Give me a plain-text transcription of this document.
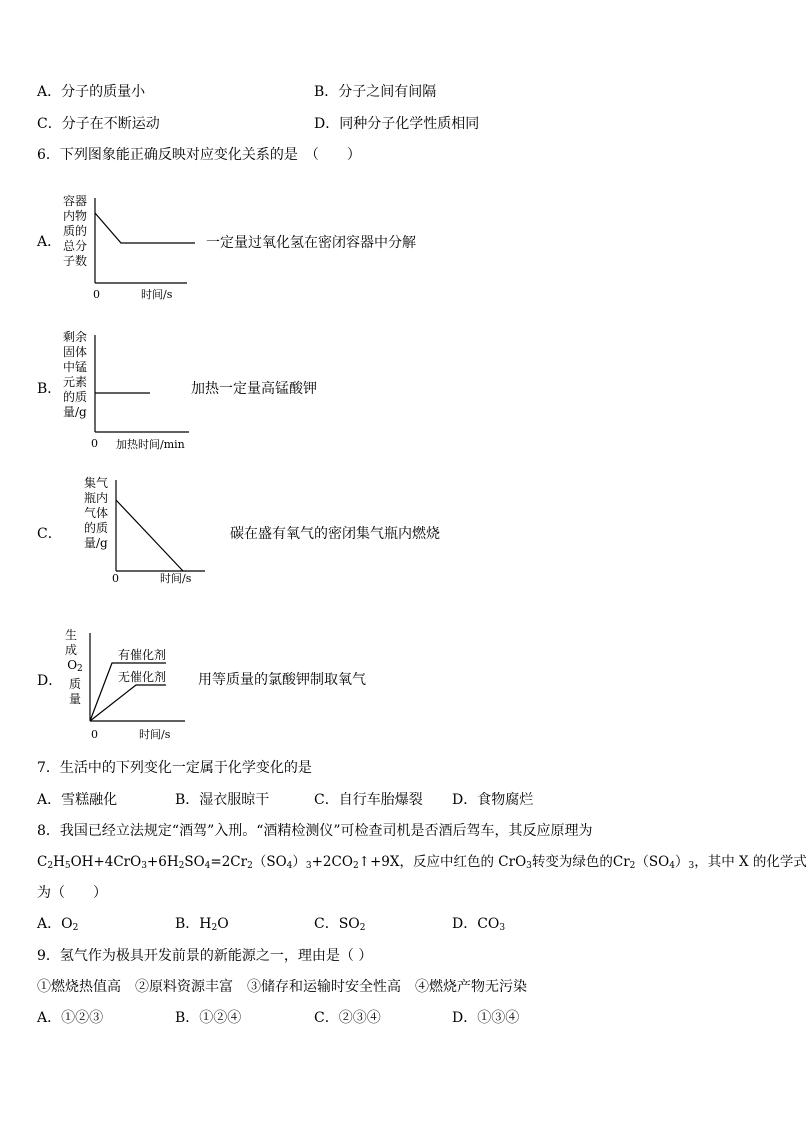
A．分子的质量小	B．分子之间有间隔
C．分子在不断运动	D．同种分子化学性质相同
6．下列图象能正确反映对应变化关系的是　（　　）
A．
容器内物质的总分子数
0	时间/s
一定量过氧化氢在密闭容器中分解
B．
剩余固体中锰元素的质量/g
0 加热时间/min
加热一定量高锰酸钾
C．
集气瓶内气体的质量/g
0	时间/s
碳在盛有氧气的密闭集气瓶内燃烧
D．
生成
$O_2$
质量
有催化剂
无催化剂
0	时间/s
用等质量的氯酸钾制取氧气
7．生活中的下列变化一定属于化学变化的是
A．雪糕融化	B．湿衣服晾干	C．自行车胎爆裂 D．食物腐烂
8．我国已经立法规定“酒驾”入刑。“酒精检测仪”可检查司机是否酒后驾车，其反应原理为
$C_2H_5OH+4CrO_3+6H_2SO_4=2Cr_2(SO_4)_3+2CO_2↑+9X$，反应中红色的 CrO$_3$转变为绿色的$Cr_2(SO_4)_3$，其中 X 的化学式
为（　　）
A．$O_2$	B．$H_2O$	C．$SO_2$	D．$CO_3$
9．氢气作为极具开发前景的新能源之一，理由是（ ）
①燃烧热值高　②原料资源丰富　③储存和运输时安全性高　④燃烧产物无污染
A．①②③	B．①②④	C．②③④	D．①③④
